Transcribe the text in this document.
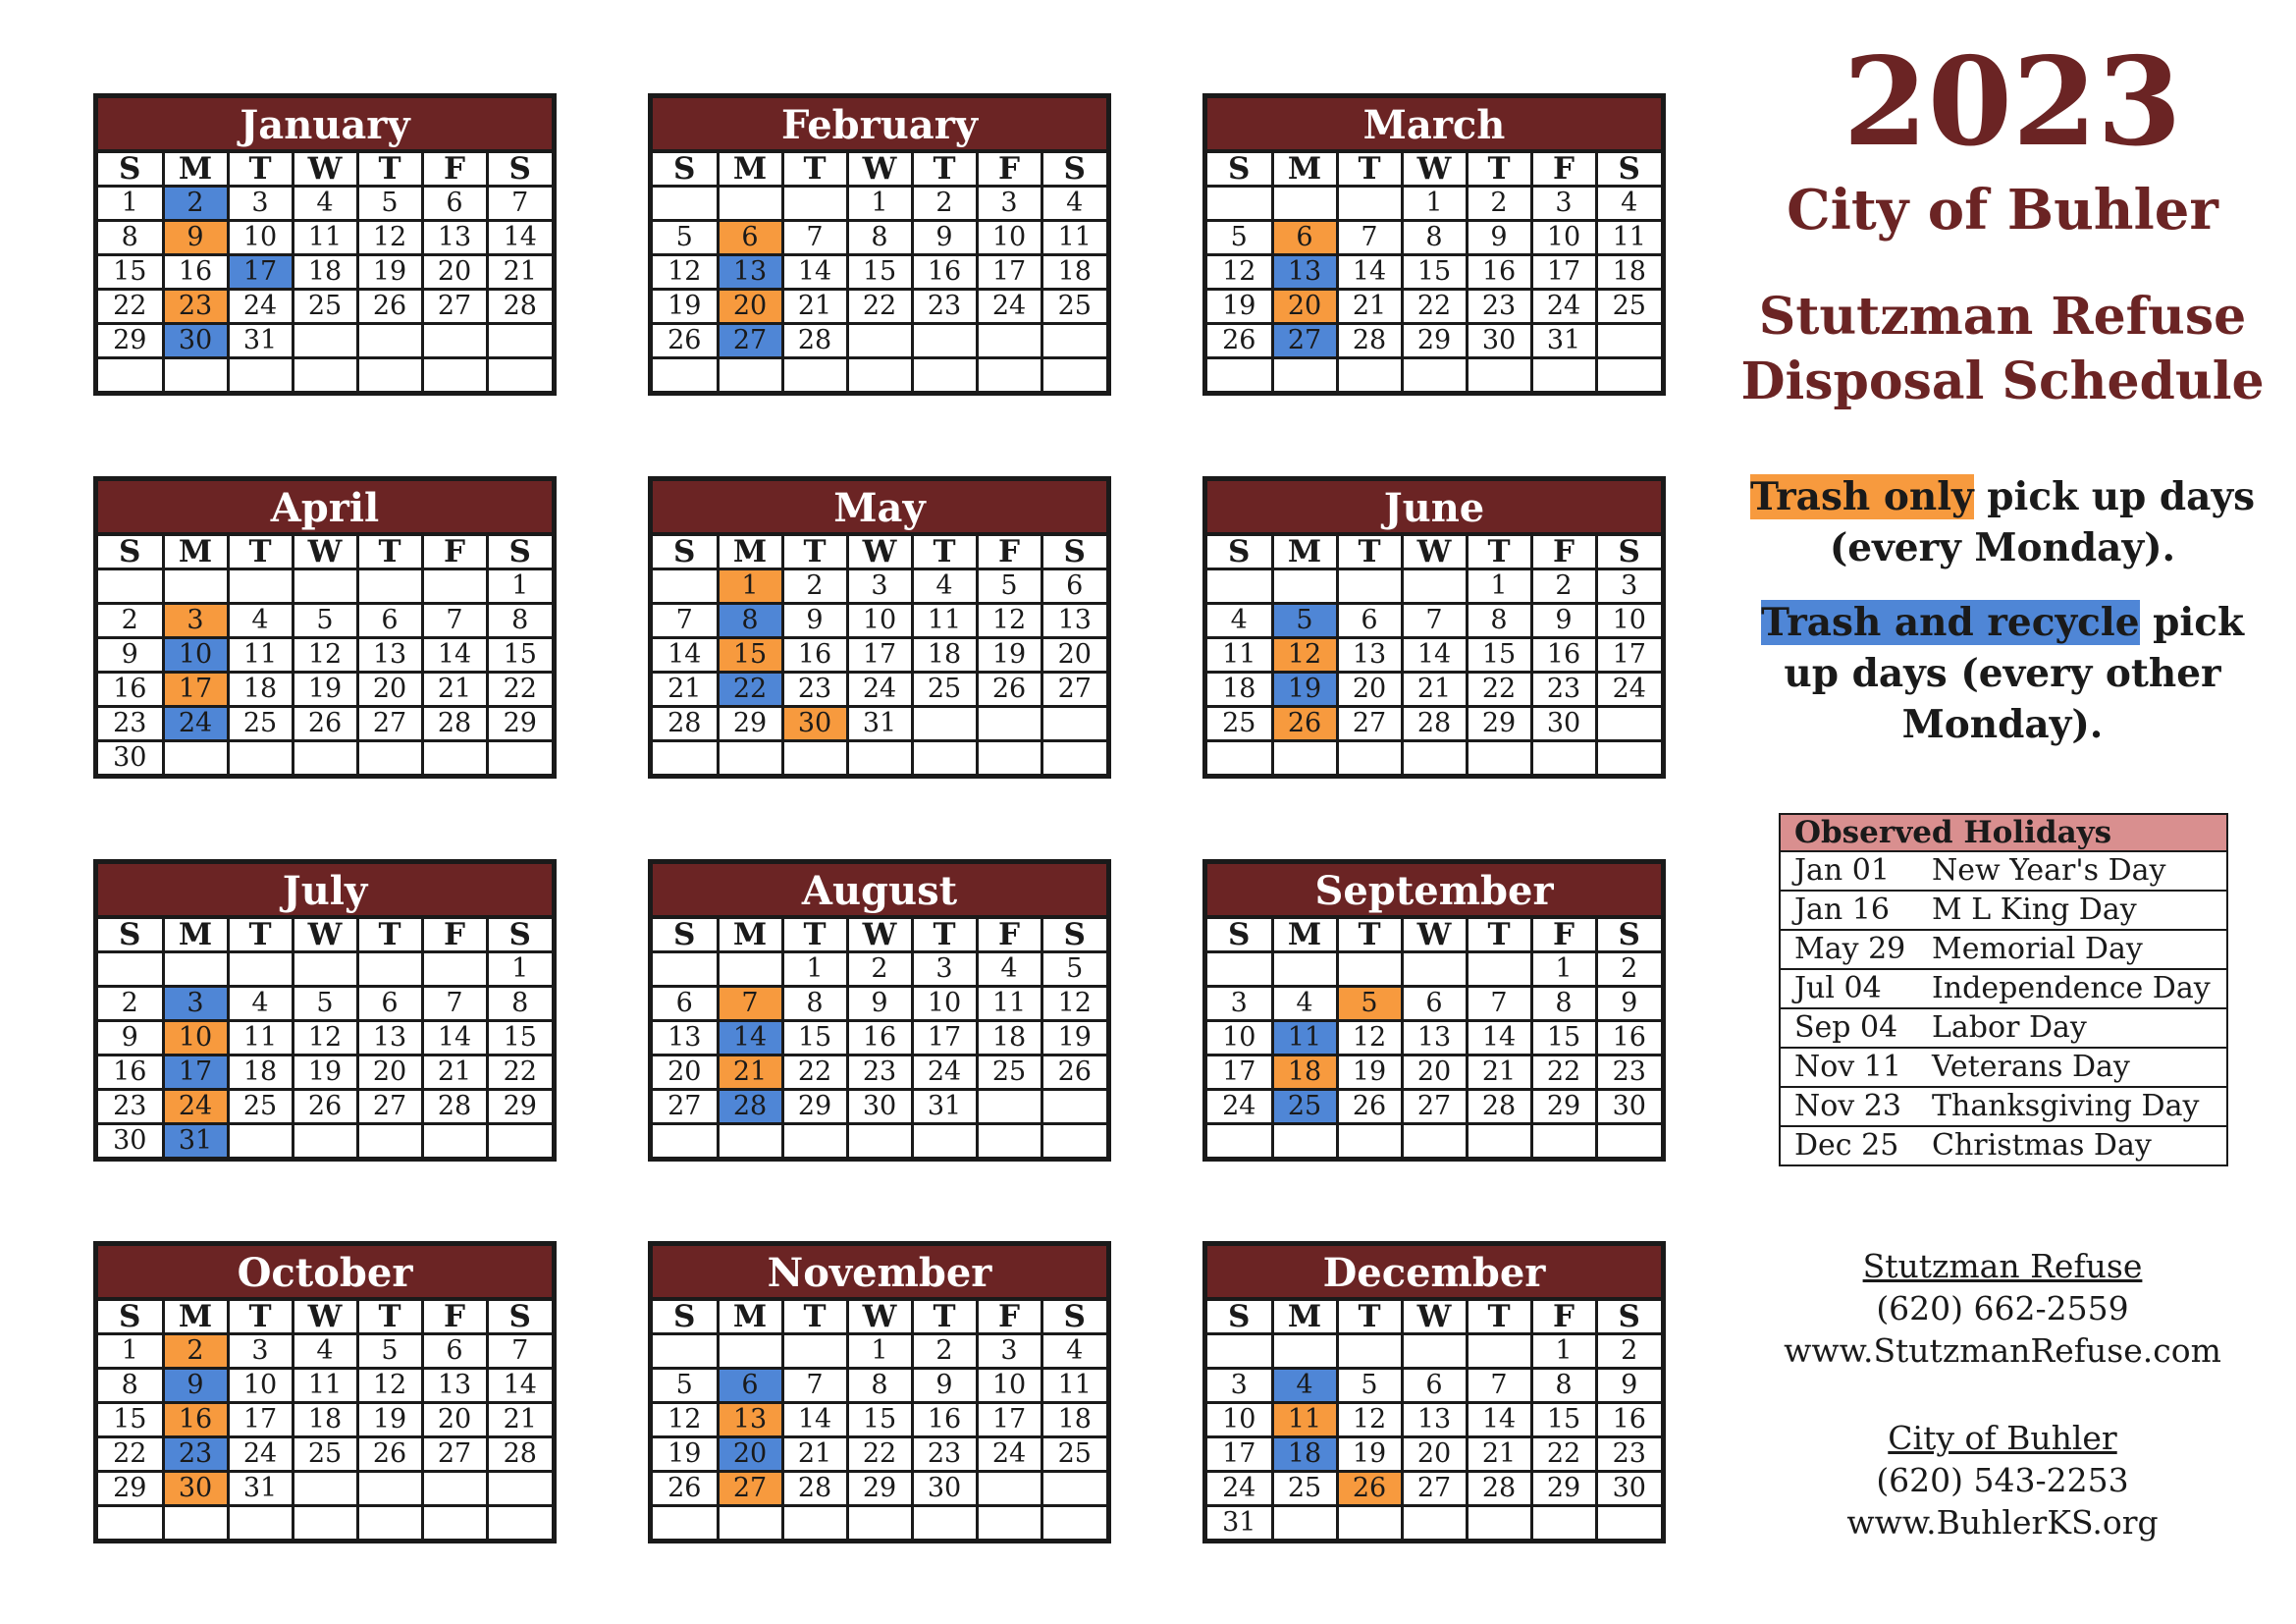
January
S	M	T	W	T	F	S
1	2	3	4	5	6	7
8	9	10	11	12	13	14
15	16	17	18	19	20	21
22	23	24	25	26	27	28
29	30	31				

February
S	M	T	W	T	F	S
			1	2	3	4
5	6	7	8	9	10	11
12	13	14	15	16	17	18
19	20	21	22	23	24	25
26	27	28				

March
S	M	T	W	T	F	S
			1	2	3	4
5	6	7	8	9	10	11
12	13	14	15	16	17	18
19	20	21	22	23	24	25
26	27	28	29	30	31	

April
S	M	T	W	T	F	S
						1
2	3	4	5	6	7	8
9	10	11	12	13	14	15
16	17	18	19	20	21	22
23	24	25	26	27	28	29
30						
May
S	M	T	W	T	F	S
	1	2	3	4	5	6
7	8	9	10	11	12	13
14	15	16	17	18	19	20
21	22	23	24	25	26	27
28	29	30	31			

June
S	M	T	W	T	F	S
				1	2	3
4	5	6	7	8	9	10
11	12	13	14	15	16	17
18	19	20	21	22	23	24
25	26	27	28	29	30	

July
S	M	T	W	T	F	S
						1
2	3	4	5	6	7	8
9	10	11	12	13	14	15
16	17	18	19	20	21	22
23	24	25	26	27	28	29
30	31					
August
S	M	T	W	T	F	S
		1	2	3	4	5
6	7	8	9	10	11	12
13	14	15	16	17	18	19
20	21	22	23	24	25	26
27	28	29	30	31		

September
S	M	T	W	T	F	S
					1	2
3	4	5	6	7	8	9
10	11	12	13	14	15	16
17	18	19	20	21	22	23
24	25	26	27	28	29	30

October
S	M	T	W	T	F	S
1	2	3	4	5	6	7
8	9	10	11	12	13	14
15	16	17	18	19	20	21
22	23	24	25	26	27	28
29	30	31				

November
S	M	T	W	T	F	S
			1	2	3	4
5	6	7	8	9	10	11
12	13	14	15	16	17	18
19	20	21	22	23	24	25
26	27	28	29	30		

December
S	M	T	W	T	F	S
					1	2
3	4	5	6	7	8	9
10	11	12	13	14	15	16
17	18	19	20	21	22	23
24	25	26	27	28	29	30
31						
2023
City of Buhler
Stutzman Refuse
Disposal Schedule
Trash only pick up days
(every Monday).
Trash and recycle pick
up days (every other
Monday).
Observed Holidays
Jan 01	New Year's Day
Jan 16	M L King Day
May 29 Memorial Day
Jul 04	Independence Day
Sep 04	Labor Day
Nov 11	Veterans Day
Nov 23	Thanksgiving Day
Dec 25	Christmas Day
Stutzman Refuse
(620) 662-2559
www.StutzmanRefuse.com
City of Buhler
(620) 543-2253
www.BuhlerKS.org
